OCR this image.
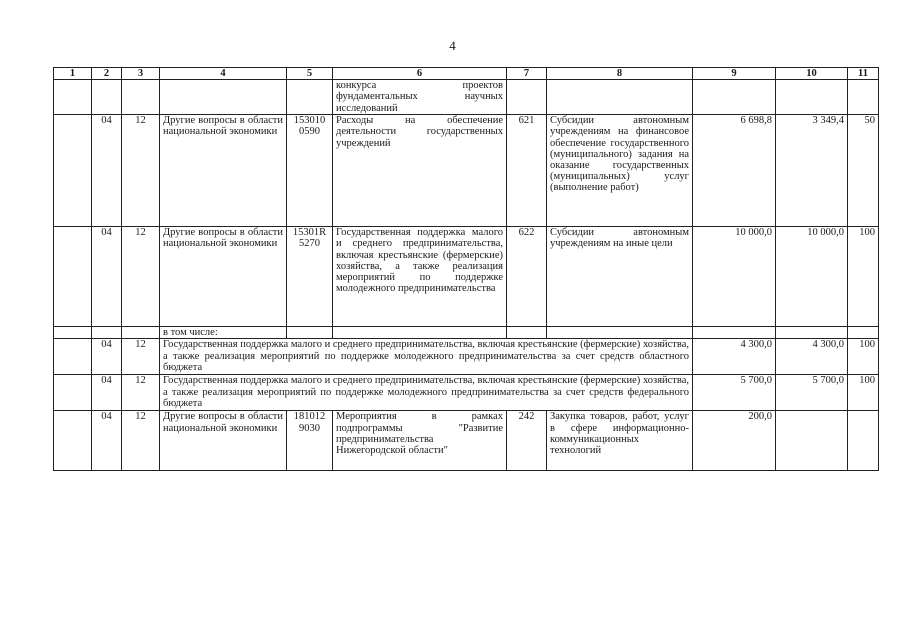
4
1	2	3	4	5	6	7	8	9	10	11
					конкурса проектов фундаментальных научных исследований					
	04	12	Другие вопросы в области национальной экономики	153010 0590	Расходы на обеспечение деятельности государственных учреждений	621	Субсидии автономным учреждениям на финансовое обеспечение государственного (муниципального) задания на оказание государственных (муниципальных) услуг (выполнение работ)	6 698,8	3 349,4	50
	04	12	Другие вопросы в области национальной экономики	15301R 5270	Государственная поддержка малого и среднего предпринимательства, включая крестьянские (фермерские) хозяйства, а также реализация мероприятий по поддержке молодежного предпринимательства	622	Субсидии автономным учреждениям на иные цели	10 000,0	10 000,0	100
			в том числе:							
	04	12	Государственная поддержка малого и среднего предпринимательства, включая крестьянские (фермерские) хозяйства, а также реализация мероприятий по поддержке молодежного предпринимательства за счет средств областного бюджета					4 300,0	4 300,0	100
	04	12	Государственная поддержка малого и среднего предпринимательства, включая крестьянские (фермерские) хозяйства, а также реализация мероприятий по поддержке молодежного предпринимательства за счет средств федерального бюджета					5 700,0	5 700,0	100
	04	12	Другие вопросы в области национальной экономики	181012 9030	Мероприятия в рамках подпрограммы "Развитие предпринимательства Нижегородской области"	242	Закупка товаров, работ, услуг в сфере информационно-коммуникационных технологий	200,0		
